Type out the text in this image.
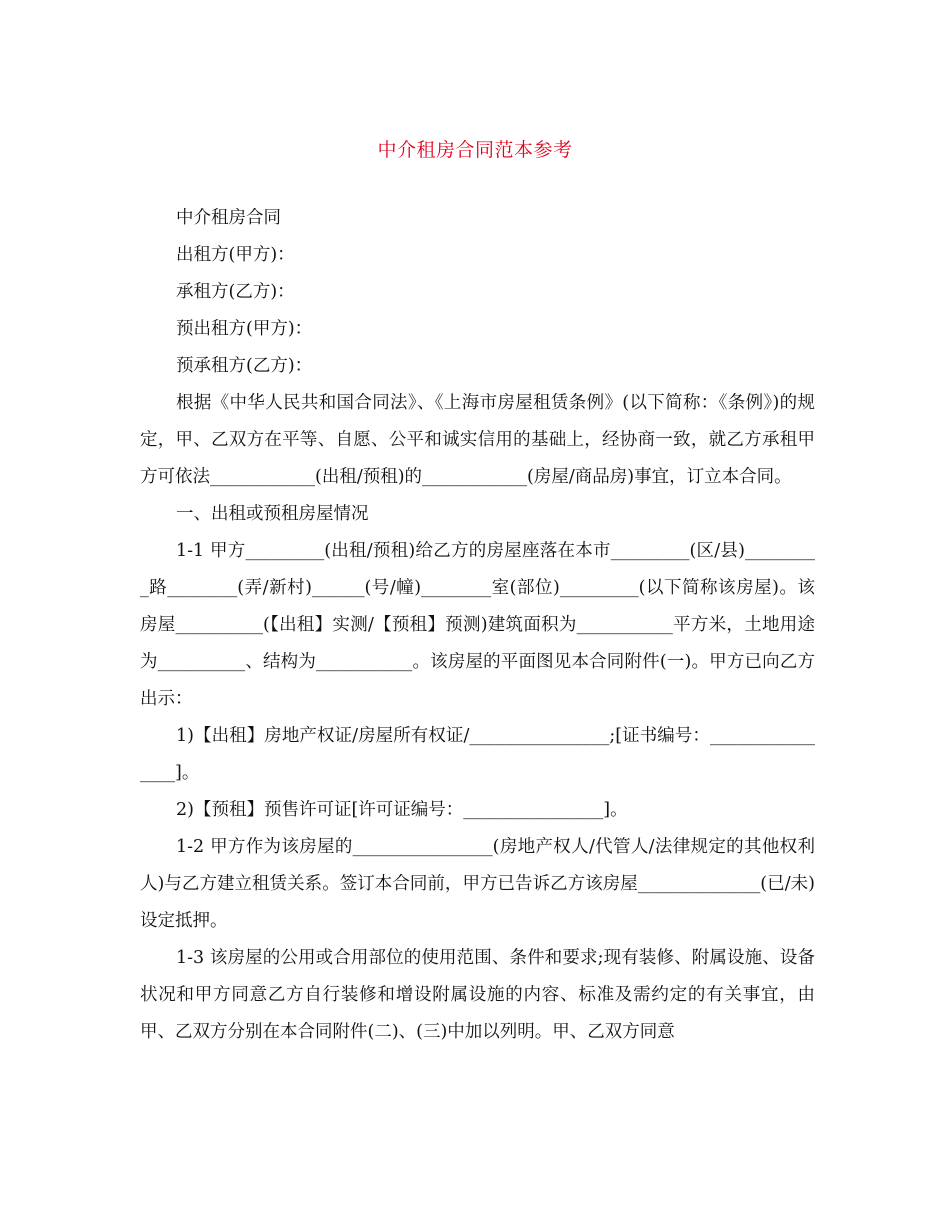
中介租房合同范本参考

中介租房合同

出租方(甲方)：

承租方(乙方)：

预出租方(甲方)：

预承租方(乙方)：

根据《中华人民共和国合同法》、《上海市房屋租赁条例》(以下简称：《条例》)的规定，甲、乙双方在平等、自愿、公平和诚实信用的基础上，经协商一致，就乙方承租甲方可依法____________(出租/预租)的____________(房屋/商品房)事宜，订立本合同。

一、出租或预租房屋情况

1-1 甲方_________(出租/预租)给乙方的房屋座落在本市_________(区/县)_________路________(弄/新村)______(号/幢)________室(部位)_________(以下简称该房屋)。该房屋__________(【出租】实测/【预租】预测)建筑面积为___________平方米，土地用途为__________、结构为___________。该房屋的平面图见本合同附件(一)。甲方已向乙方出示：

1)【出租】房地产权证/房屋所有权证/________________;[证书编号：________________]。

2)【预租】预售许可证[许可证编号：________________]。

1-2 甲方作为该房屋的________________(房地产权人/代管人/法律规定的其他权利人)与乙方建立租赁关系。签订本合同前，甲方已告诉乙方该房屋______________(已/未)设定抵押。

1-3 该房屋的公用或合用部位的使用范围、条件和要求;现有装修、附属设施、设备状况和甲方同意乙方自行装修和增设附属设施的内容、标准及需约定的有关事宜，由甲、乙双方分别在本合同附件(二)、(三)中加以列明。甲、乙双方同意
